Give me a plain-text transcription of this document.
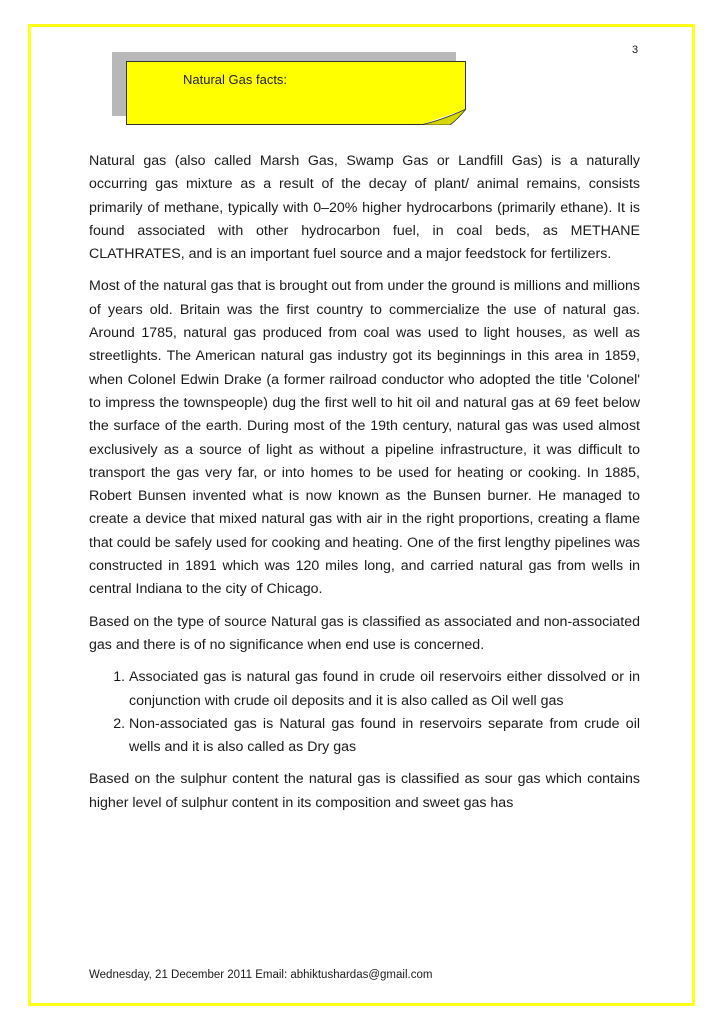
3
Natural Gas facts:

Natural gas (also called Marsh Gas, Swamp Gas or Landfill Gas) is a naturally occurring gas mixture as a result of the decay of plant/ animal remains, consists primarily of methane, typically with 0–20% higher hydrocarbons (primarily ethane). It is found associated with other hydrocarbon fuel, in coal beds, as METHANE CLATHRATES, and is an important fuel source and a major feedstock for fertilizers.

Most of the natural gas that is brought out from under the ground is millions and millions of years old. Britain was the first country to commercialize the use of natural gas. Around 1785, natural gas produced from coal was used to light houses, as well as streetlights. The American natural gas industry got its beginnings in this area in 1859, when Colonel Edwin Drake (a former railroad conductor who adopted the title 'Colonel' to impress the townspeople) dug the first well to hit oil and natural gas at 69 feet below the surface of the earth. During most of the 19th century, natural gas was used almost exclusively as a source of light as without a pipeline infrastructure, it was difficult to transport the gas very far, or into homes to be used for heating or cooking. In 1885, Robert Bunsen invented what is now known as the Bunsen burner. He managed to create a device that mixed natural gas with air in the right proportions, creating a flame that could be safely used for cooking and heating. One of the first lengthy pipelines was constructed in 1891 which was 120 miles long, and carried natural gas from wells in central Indiana to the city of Chicago.

Based on the type of source Natural gas is classified as associated and non-associated gas and there is of no significance when end use is concerned.

1. Associated gas is natural gas found in crude oil reservoirs either dissolved or in conjunction with crude oil deposits and it is also called as Oil well gas
2. Non-associated gas is Natural gas found in reservoirs separate from crude oil wells and it is also called as Dry gas

Based on the sulphur content the natural gas is classified as sour gas which contains higher level of sulphur content in its composition and sweet gas has

Wednesday, 21 December 2011 Email: abhiktushardas@gmail.com
